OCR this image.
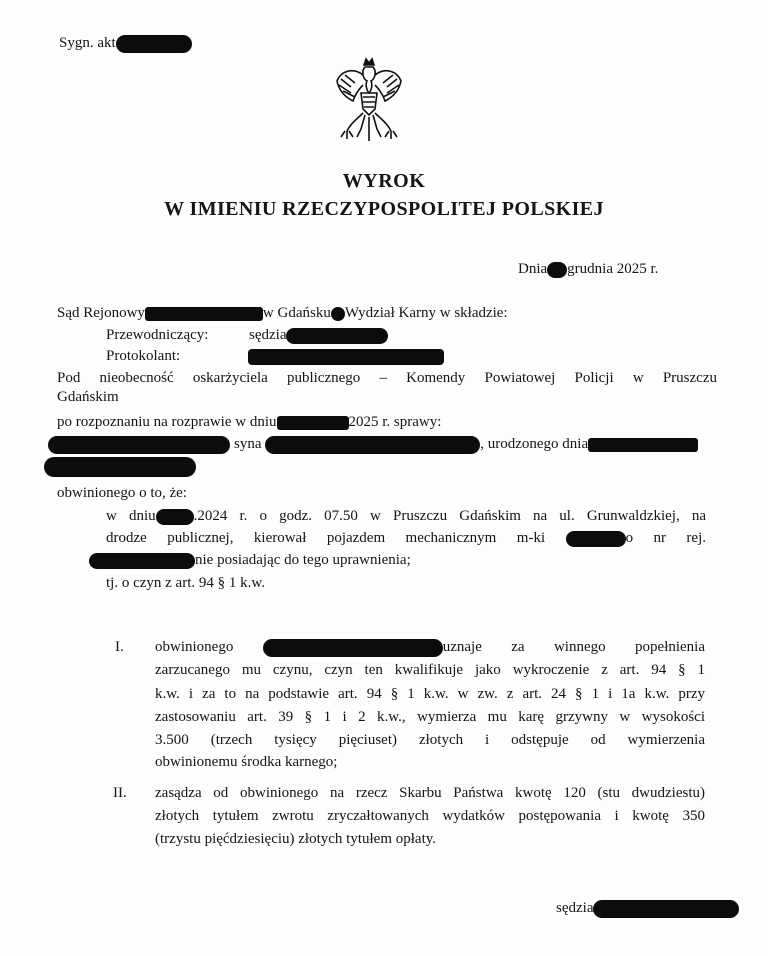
Sygn. akt
WYROK
W IMIENIU RZECZYPOSPOLITEJ POLSKIEJ
Dnia grudnia 2025 r.
Sąd Rejonowy	w Gdańsku Wydział Karny w składzie:
Przewodniczący:	sędzia
Protokolant:
Pod nieobecność oskarżyciela publicznego – Komendy Powiatowej Policji w Pruszczu
Gdańskim
po rozpoznaniu na rozprawie w dniu	2025 r. sprawy:
syna	, urodzonego dnia
obwinionego o to, że:
w dniu	.2024 r. o godz. 07.50 w Pruszczu Gdańskim na ul. Grunwaldzkiej, na
drodze publicznej, kierował pojazdem mechanicznym m-ki	o nr rej.
nie posiadając do tego uprawnienia;
tj. o czyn z art. 94 § 1 k.w.
I. obwinionego	uznaje za winnego popełnienia
zarzucanego mu czynu, czyn ten kwalifikuje jako wykroczenie z art. 94 § 1
k.w. i za to na podstawie art. 94 § 1 k.w. w zw. z art. 24 § 1 i 1a k.w. przy
zastosowaniu art. 39 § 1 i 2 k.w., wymierza mu karę grzywny w wysokości
3.500 (trzech tysięcy pięciuset) złotych i odstępuje od wymierzenia
obwinionemu środka karnego;
II. zasądza od obwinionego na rzecz Skarbu Państwa kwotę 120 (stu dwudziestu)
złotych tytułem zwrotu zryczałtowanych wydatków postępowania i kwotę 350
(trzystu pięćdziesięciu) złotych tytułem opłaty.
sędzia
